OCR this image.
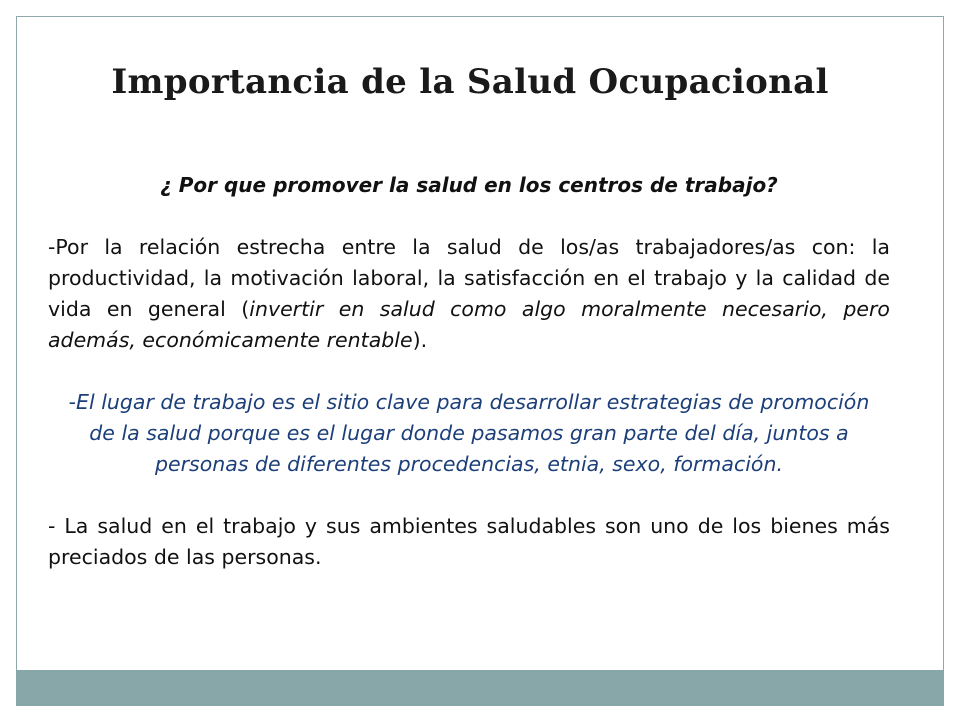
Importancia de la Salud Ocupacional

¿ Por que promover la salud en los centros de trabajo?

-Por la relación estrecha entre la salud de los/as trabajadores/as con: la productividad, la motivación laboral, la satisfacción en el trabajo y la calidad de vida en general (invertir en salud como algo moralmente necesario, pero además, económicamente rentable).

-El lugar de trabajo es el sitio clave para desarrollar estrategias de promoción de la salud porque es el lugar donde pasamos gran parte del día, juntos a personas de diferentes procedencias, etnia, sexo, formación.

- La salud en el trabajo y sus ambientes saludables son uno de los bienes más preciados de las personas.
